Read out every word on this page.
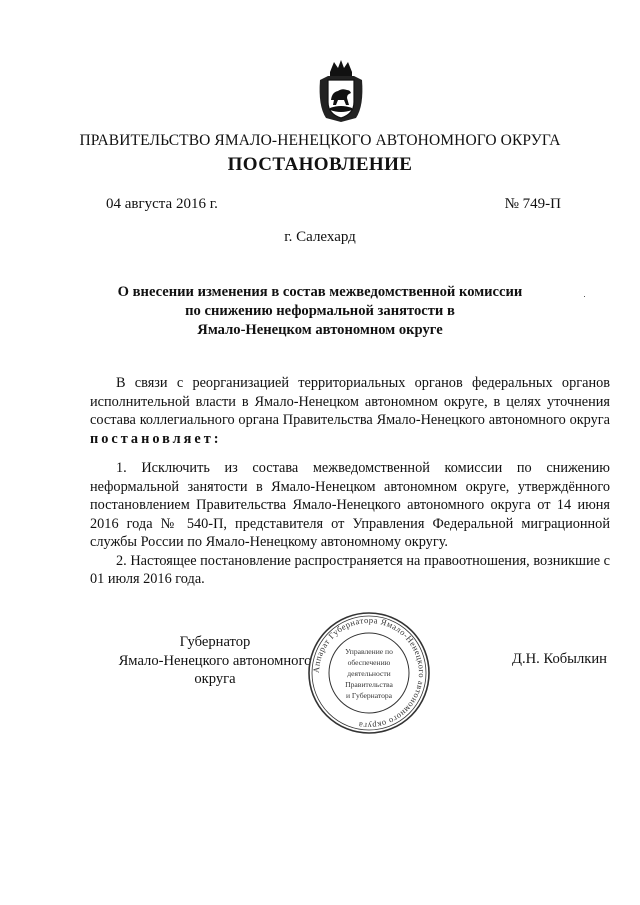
ПРАВИТЕЛЬСТВО ЯМАЛО-НЕНЕЦКОГО АВТОНОМНОГО ОКРУГА
ПОСТАНОВЛЕНИЕ
04 августа 2016 г.	№ 749-П
г. Салехард
О внесении изменения в состав межведомственной комиссии
по снижению неформальной занятости в
Ямало-Ненецком автономном округе

В связи с реорганизацией территориальных органов федеральных органов исполнительной власти в Ямало-Ненецком автономном округе, в целях уточнения состава коллегиального органа Правительства Ямало-Ненецкого автономного округа постановляет:

1. Исключить из состава межведомственной комиссии по снижению неформальной занятости в Ямало-Ненецком автономном округе, утверждённого постановлением Правительства Ямало-Ненецкого автономного округа от 14 июня 2016 года № 540-П, представителя от Управления Федеральной миграционной службы России по Ямало-Ненецкому автономному округу.

2. Настоящее постановление распространяется на правоотношения, возникшие с 01 июля 2016 года.

Губернатор
Ямало-Ненецкого автономного округа
Д.Н. Кобылкин
Аппарат Губернатора Ямало-Ненецкого автономного округа
Управление по
обеспечению
деятельности
Правительства
и Губернатора
